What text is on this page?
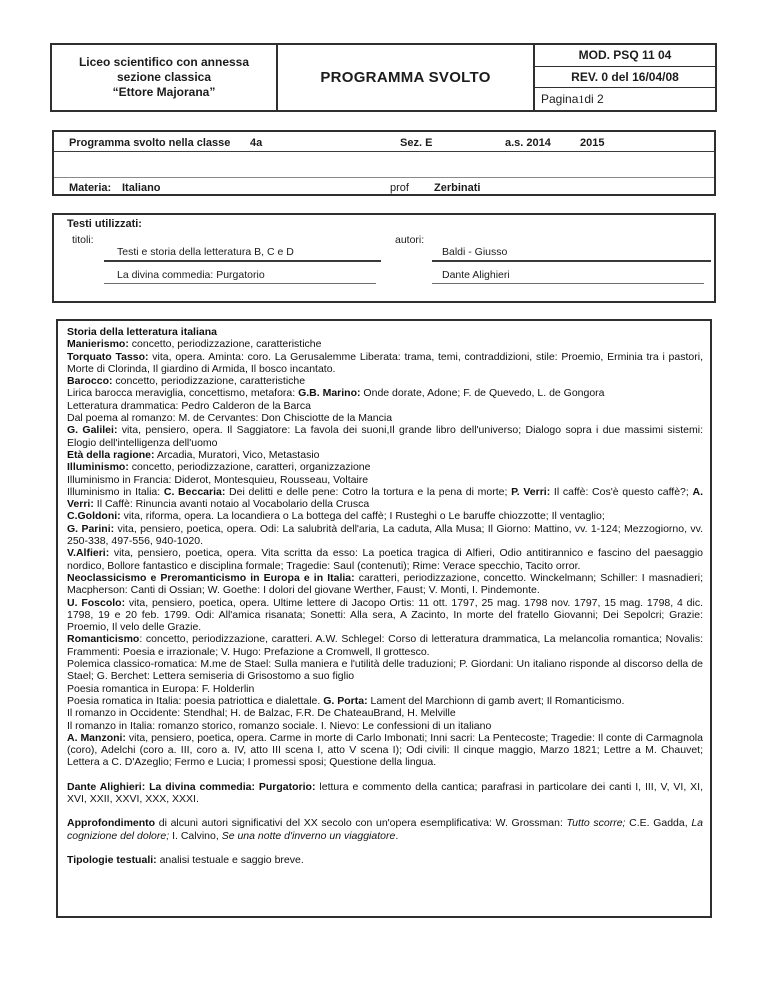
Liceo scientifico con annessa
sezione classica
“Ettore Majorana”
PROGRAMMA SVOLTO
MOD. PSQ 11 04
REV. 0 del 16/04/08
Pagina 1 di 2
Programma svolto nella classe 4a	Sez. E	a.s. 2014	2015
Materia: Italiano	prof Zerbinati
Testi utilizzati:
titoli:	autori:
Testi e storia della letteratura B, C e D	Baldi - Giusso
La divina commedia: Purgatorio	Dante Alighieri

Storia della letteratura italiana

Manierismo: concetto, periodizzazione, caratteristiche

Torquato Tasso: vita, opera. Aminta: coro. La Gerusalemme Liberata: trama, temi, contraddizioni, stile: Proemio, Erminia tra i pastori, Morte di Clorinda, Il giardino di Armida, Il bosco incantato.

Barocco: concetto, periodizzazione, caratteristiche

Lirica barocca meraviglia, concettismo, metafora: G.B. Marino: Onde dorate, Adone; F. de Quevedo, L. de Gongora

Letteratura drammatica: Pedro Calderon de la Barca

Dal poema al romanzo: M. de Cervantes: Don Chisciotte de la Mancia

G. Galilei: vita, pensiero, opera. Il Saggiatore: La favola dei suoni,Il grande libro dell'universo; Dialogo sopra i due massimi sistemi: Elogio dell'intelligenza dell'uomo

Età della ragione: Arcadia, Muratori, Vico, Metastasio

Illuminismo: concetto, periodizzazione, caratteri, organizzazione

Illuminismo in Francia: Diderot, Montesquieu, Rousseau, Voltaire

Illuminismo in Italia: C. Beccaria: Dei delitti e delle pene: Cotro la tortura e la pena di morte; P. Verri: Il caffè: Cos'è questo caffè?; A. Verri: Il Caffè: Rinuncia avanti notaio al Vocabolario della Crusca

C.Goldoni: vita, riforma, opera. La locandiera o La bottega del caffè; I Rusteghi o Le baruffe chiozzotte; Il ventaglio;

G. Parini: vita, pensiero, poetica, opera. Odi: La salubrità dell'aria, La caduta, Alla Musa; Il Giorno: Mattino, vv. 1-124; Mezzogiorno, vv. 250-338, 497-556, 940-1020.

V.Alfieri: vita, pensiero, poetica, opera. Vita scritta da esso: La poetica tragica di Alfieri, Odio antitirannico e fascino del paesaggio nordico, Bollore fantastico e disciplina formale; Tragedie: Saul (contenuti); Rime: Verace specchio, Tacito orror.

Neoclassicismo e Preromanticismo in Europa e in Italia: caratteri, periodizzazione, concetto. Winckelmann; Schiller: I masnadieri; Macpherson: Canti di Ossian; W. Goethe: I dolori del giovane Werther, Faust; V. Monti, I. Pindemonte.

U. Foscolo: vita, pensiero, poetica, opera. Ultime lettere di Jacopo Ortis: 11 ott. 1797, 25 mag. 1798 nov. 1797, 15 mag. 1798, 4 dic. 1798, 19 e 20 feb. 1799. Odi: All'amica risanata; Sonetti: Alla sera, A Zacinto, In morte del fratello Giovanni; Dei Sepolcri; Grazie: Proemio, Il velo delle Grazie.

Romanticismo: concetto, periodizzazione, caratteri. A.W. Schlegel: Corso di letteratura drammatica, La melancolia romantica; Novalis: Frammenti: Poesia e irrazionale; V. Hugo: Prefazione a Cromwell, Il grottesco.

Polemica classico-romatica: M.me de Stael: Sulla maniera e l'utilità delle traduzioni; P. Giordani: Un italiano risponde al discorso della de Stael; G. Berchet: Lettera semiseria di Grisostomo a suo figlio

Poesia romantica in Europa: F. Holderlin

Poesia romatica in Italia: poesia patriottica e dialettale. G. Porta: Lament del Marchionn di gamb avert; Il Romanticismo.

Il romanzo in Occidente: Stendhal; H. de Balzac, F.R. De ChateauBrand, H. Melville

Il romanzo in Italia: romanzo storico, romanzo sociale. I. Nievo: Le confessioni di un italiano

A. Manzoni: vita, pensiero, poetica, opera. Carme in morte di Carlo Imbonati; Inni sacri: La Pentecoste; Tragedie: Il conte di Carmagnola (coro), Adelchi (coro a. III, coro a. IV, atto III scena I, atto V scena I); Odi civili: Il cinque maggio, Marzo 1821; Lettre a M. Chauvet; Lettera a C. D'Azeglio; Fermo e Lucia; I promessi sposi; Questione della lingua.

Dante Alighieri: La divina commedia: Purgatorio: lettura e commento della cantica; parafrasi in particolare dei canti I, III, V, VI, XI, XVI, XXII, XXVI, XXX, XXXI.

Approfondimento di alcuni autori significativi del XX secolo con un'opera esemplificativa: W. Grossman: Tutto scorre; C.E. Gadda, La cognizione del dolore; I. Calvino, Se una notte d'inverno un viaggiatore.

Tipologie testuali: analisi testuale e saggio breve.
